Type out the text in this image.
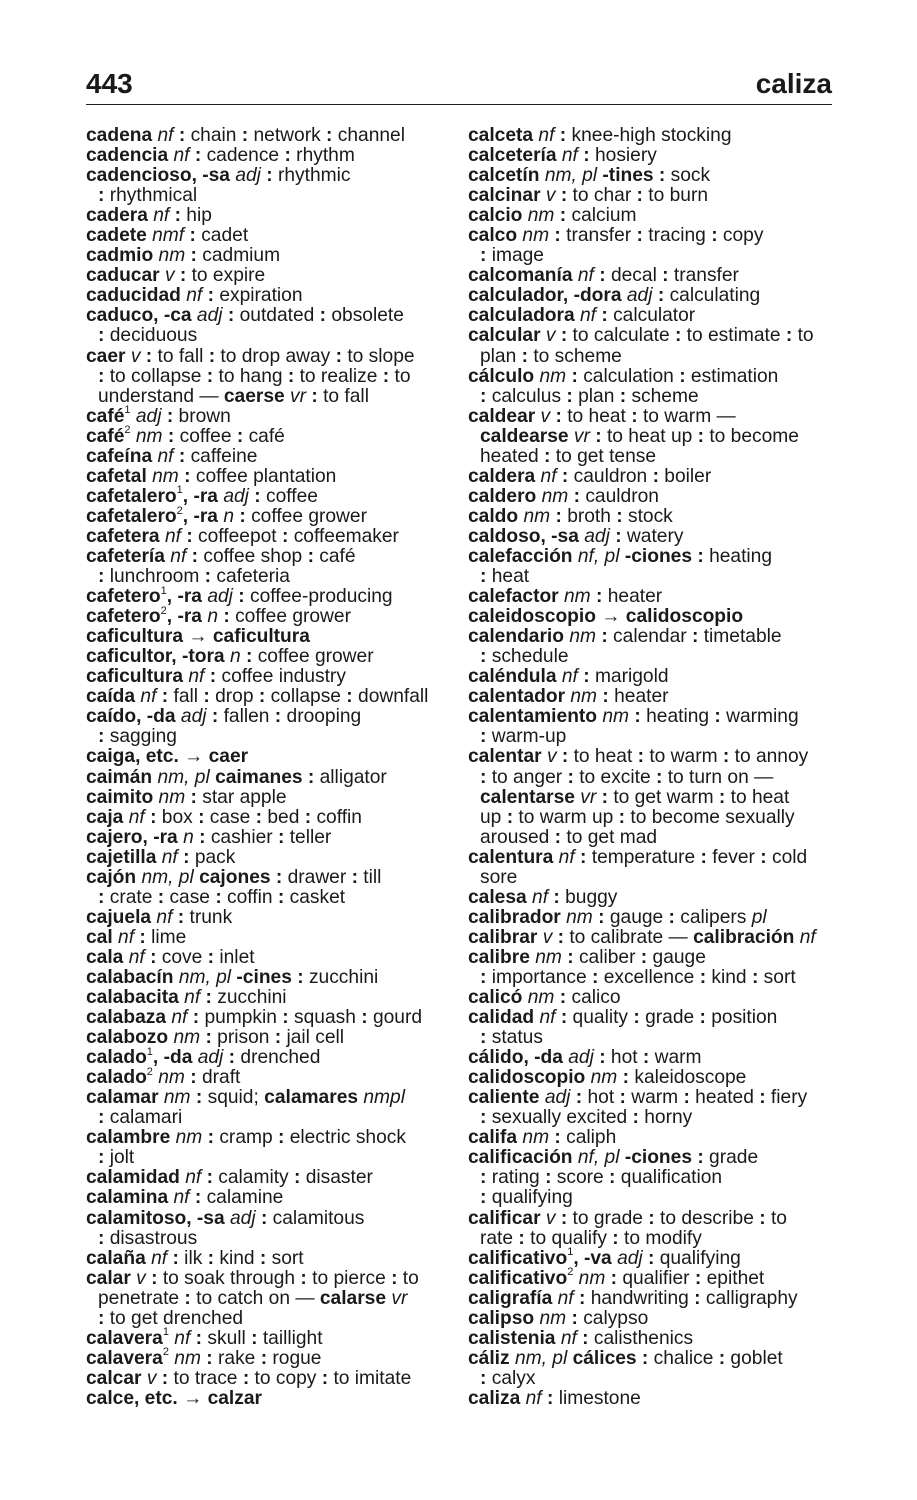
443	caliza
cadena nf : chain : network : channel
cadencia nf : cadence : rhythm
cadencioso, -sa adj : rhythmic
: rhythmical
cadera nf : hip
cadete nmf : cadet
cadmio nm : cadmium
caducar v : to expire
caducidad nf : expiration
caduco, -ca adj : outdated : obsolete
: deciduous
caer v : to fall : to drop away : to slope
: to collapse : to hang : to realize : to
understand — caerse vr : to fall
café$^1$ adj : brown
café$^2$ nm : coffee : café
cafeína nf : caffeine
cafetal nm : coffee plantation
cafetalero$^1$, -ra adj : coffee
cafetalero$^2$, -ra n : coffee grower
cafetera nf : coffeepot : coffeemaker
cafetería nf : coffee shop : café
: lunchroom : cafeteria
cafetero$^1$, -ra adj : coffee-producing
cafetero$^2$, -ra n : coffee grower
caficultura → caficultura
caficultor, -tora n : coffee grower
caficultura nf : coffee industry
caída nf : fall : drop : collapse : downfall
caído, -da adj : fallen : drooping
: sagging
caiga, etc. → caer
caimán nm, pl caimanes : alligator
caimito nm : star apple
caja nf : box : case : bed : coffin
cajero, -ra n : cashier : teller
cajetilla nf : pack
cajón nm, pl cajones : drawer : till
: crate : case : coffin : casket
cajuela nf : trunk
cal nf : lime
cala nf : cove : inlet
calabacín nm, pl -cines : zucchini
calabacita nf : zucchini
calabaza nf : pumpkin : squash : gourd
calabozo nm : prison : jail cell
calado$^1$, -da adj : drenched
calado$^2$ nm : draft
calamar nm : squid; calamares nmpl
: calamari
calambre nm : cramp : electric shock
: jolt
calamidad nf : calamity : disaster
calamina nf : calamine
calamitoso, -sa adj : calamitous
: disastrous
calaña nf : ilk : kind : sort
calar v : to soak through : to pierce : to
penetrate : to catch on — calarse vr
: to get drenched
calavera$^1$ nf : skull : taillight
calavera$^2$ nm : rake : rogue
calcar v : to trace : to copy : to imitate
calce, etc. → calzar
calceta nf : knee-high stocking
calcetería nf : hosiery
calcetín nm, pl -tines : sock
calcinar v : to char : to burn
calcio nm : calcium
calco nm : transfer : tracing : copy
: image
calcomanía nf : decal : transfer
calculador, -dora adj : calculating
calculadora nf : calculator
calcular v : to calculate : to estimate : to
plan : to scheme
cálculo nm : calculation : estimation
: calculus : plan : scheme
caldear v : to heat : to warm —
caldearse vr : to heat up : to become
heated : to get tense
caldera nf : cauldron : boiler
caldero nm : cauldron
caldo nm : broth : stock
caldoso, -sa adj : watery
calefacción nf, pl -ciones : heating
: heat
calefactor nm : heater
caleidoscopio → calidoscopio
calendario nm : calendar : timetable
: schedule
caléndula nf : marigold
calentador nm : heater
calentamiento nm : heating : warming
: warm-up
calentar v : to heat : to warm : to annoy
: to anger : to excite : to turn on —
calentarse vr : to get warm : to heat
up : to warm up : to become sexually
aroused : to get mad
calentura nf : temperature : fever : cold
sore
calesa nf : buggy
calibrador nm : gauge : calipers pl
calibrar v : to calibrate — calibración nf
calibre nm : caliber : gauge
: importance : excellence : kind : sort
calicó nm : calico
calidad nf : quality : grade : position
: status
cálido, -da adj : hot : warm
calidoscopio nm : kaleidoscope
caliente adj : hot : warm : heated : fiery
: sexually excited : horny
califa nm : caliph
calificación nf, pl -ciones : grade
: rating : score : qualification
: qualifying
calificar v : to grade : to describe : to
rate : to qualify : to modify
calificativo$^1$, -va adj : qualifying
calificativo$^2$ nm : qualifier : epithet
caligrafía nf : handwriting : calligraphy
calipso nm : calypso
calistenia nf : calisthenics
cáliz nm, pl cálices : chalice : goblet
: calyx
caliza nf : limestone
